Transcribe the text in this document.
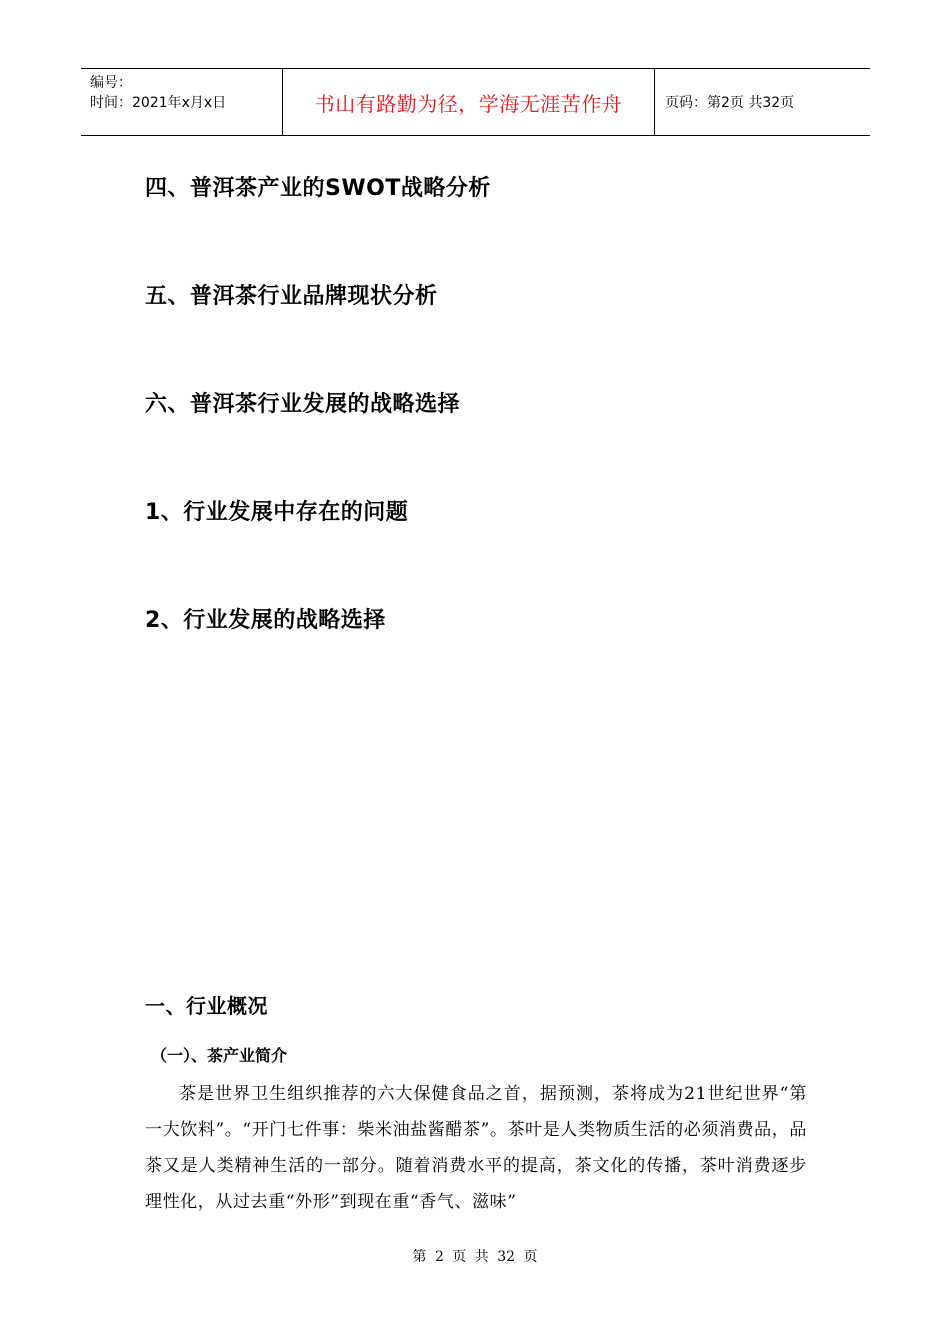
编号：
时间：2021年x月x日	书山有路勤为径，学海无涯苦作舟	页码：第2页 共32页
四、普洱茶产业的SWOT战略分析
五、普洱茶行业品牌现状分析
六、普洱茶行业发展的战略选择
1、行业发展中存在的问题
2、行业发展的战略选择
一、行业概况
（一）、茶产业简介
茶是世界卫生组织推荐的六大保健食品之首，据预测，茶将成为21世纪世界“第一大饮料”。“开门七件事：柴米油盐酱醋茶”。茶叶是人类物质生活的必须消费品，品茶又是人类精神生活的一部分。随着消费水平的提高，茶文化的传播，茶叶消费逐步理性化，从过去重“外形”到现在重“香气、滋味”
第 2 页 共 32 页
